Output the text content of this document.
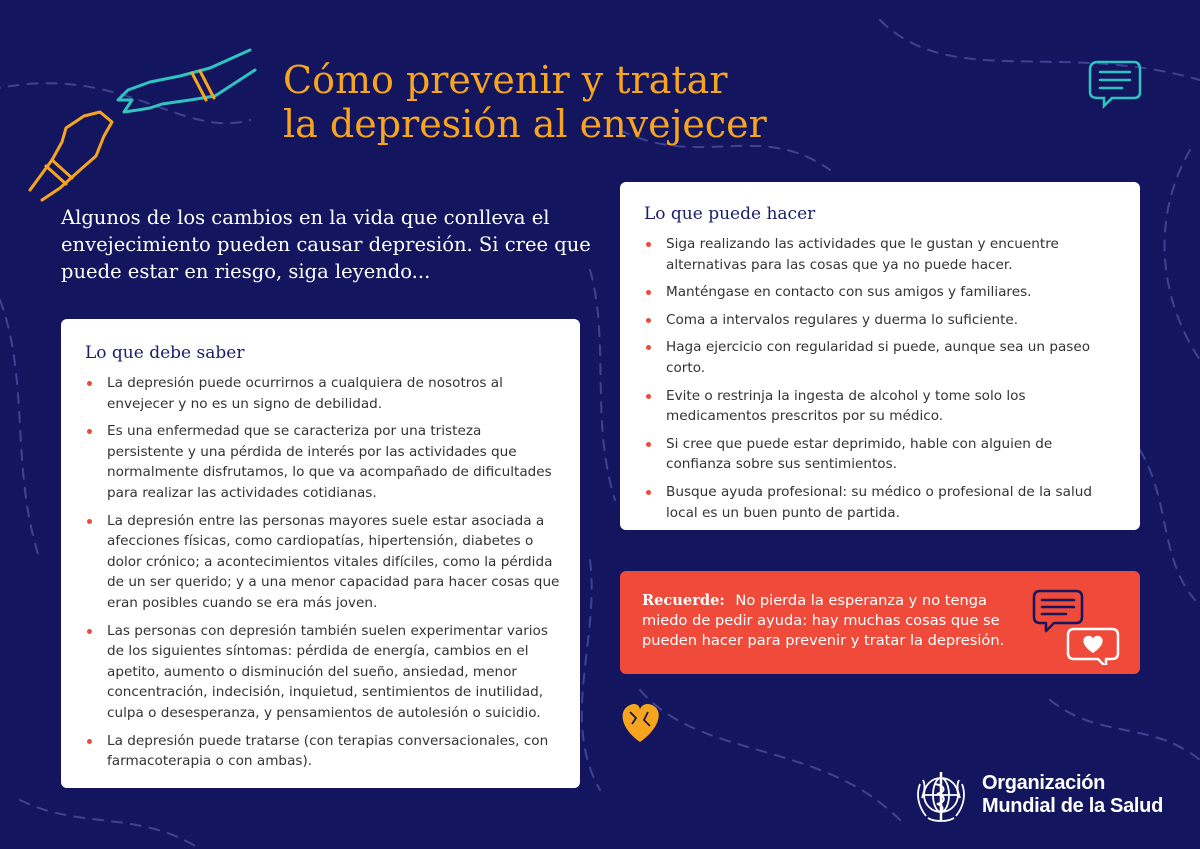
Cómo prevenir y tratar
la depresión al envejecer

Algunos de los cambios en la vida que conlleva el envejecimiento pueden causar depresión. Si cree que puede estar en riesgo, siga leyendo...

Lo que debe saber
La depresión puede ocurrirnos a cualquiera de nosotros al envejecer y no es un signo de debilidad.
Es una enfermedad que se caracteriza por una tristeza persistente y una pérdida de interés por las actividades que normalmente disfrutamos, lo que va acompañado de dificultades para realizar las actividades cotidianas.
La depresión entre las personas mayores suele estar asociada a afecciones físicas, como cardiopatías, hipertensión, diabetes o dolor crónico; a acontecimientos vitales difíciles, como la pérdida de un ser querido; y a una menor capacidad para hacer cosas que eran posibles cuando se era más joven.
Las personas con depresión también suelen experimentar varios de los siguientes síntomas: pérdida de energía, cambios en el apetito, aumento o disminución del sueño, ansiedad, menor concentración, indecisión, inquietud, sentimientos de inutilidad, culpa o desesperanza, y pensamientos de autolesión o suicidio.
La depresión puede tratarse (con terapias conversacionales, con farmacoterapia o con ambas).
Lo que puede hacer
Siga realizando las actividades que le gustan y encuentre alternativas para las cosas que ya no puede hacer.
Manténgase en contacto con sus amigos y familiares.
Coma a intervalos regulares y duerma lo suficiente.
Haga ejercicio con regularidad si puede, aunque sea un paseo corto.
Evite o restrinja la ingesta de alcohol y tome solo los medicamentos prescritos por su médico.
Si cree que puede estar deprimido, hable con alguien de confianza sobre sus sentimientos.
Busque ayuda profesional: su médico o profesional de la salud local es un buen punto de partida.
Recuerde: No pierda la esperanza y no tenga miedo de pedir ayuda: hay muchas cosas que se pueden hacer para prevenir y tratar la depresión.
Organización
Mundial de la Salud
